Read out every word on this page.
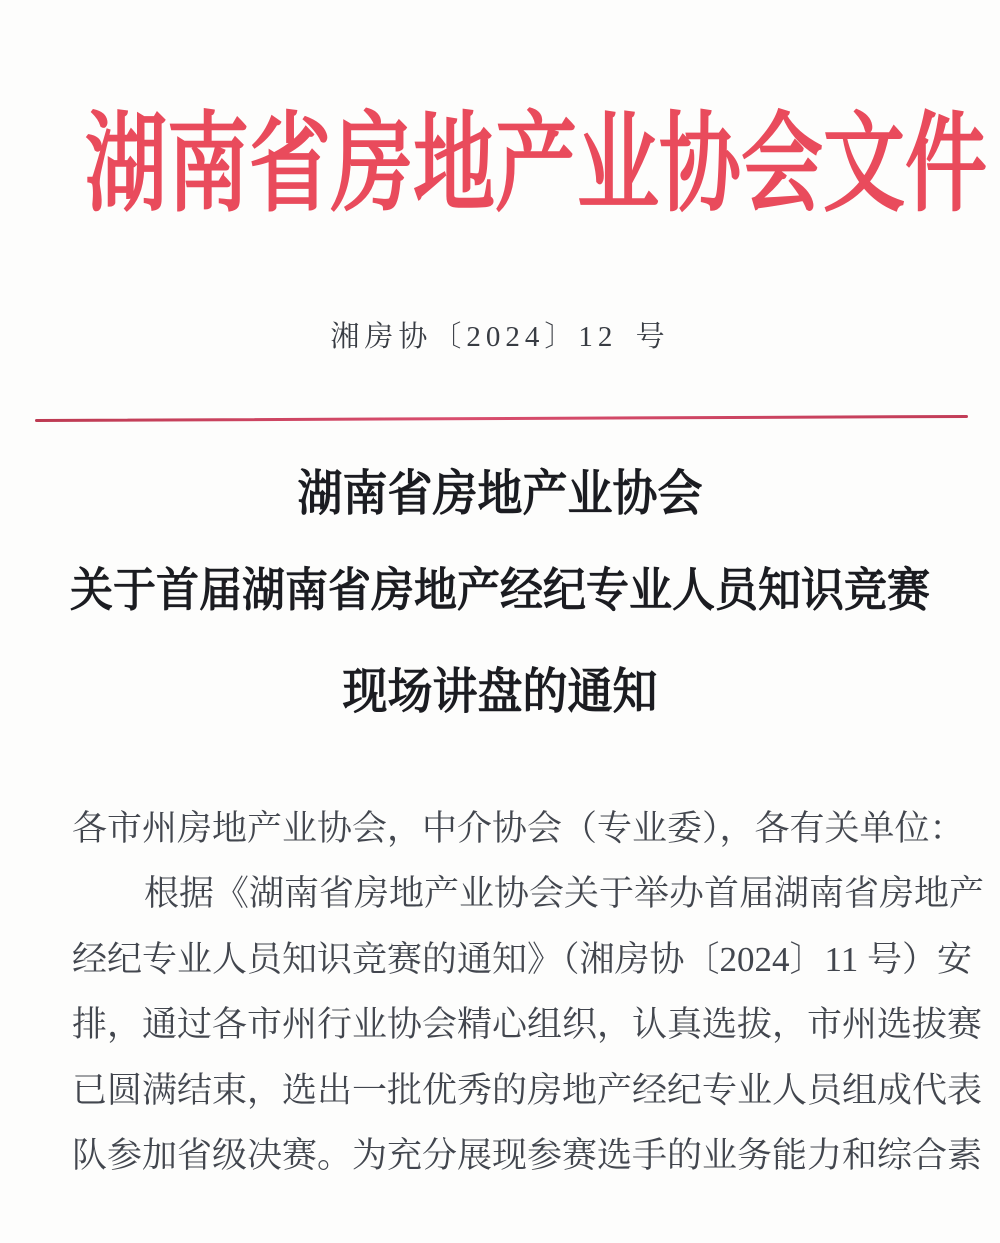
湖南省房地产业协会文件
湘房协〔2024〕12 号
湖南省房地产业协会
关于首届湖南省房地产经纪专业人员知识竞赛
现场讲盘的通知

各市州房地产业协会，中介协会（专业委），各有关单位：

根据《湖南省房地产业协会关于举办首届湖南省房地产

经纪专业人员知识竞赛的通知》（湘房协〔2024〕11 号）安

排，通过各市州行业协会精心组织，认真选拔，市州选拔赛

已圆满结束，选出一批优秀的房地产经纪专业人员组成代表

队参加省级决赛。为充分展现参赛选手的业务能力和综合素
